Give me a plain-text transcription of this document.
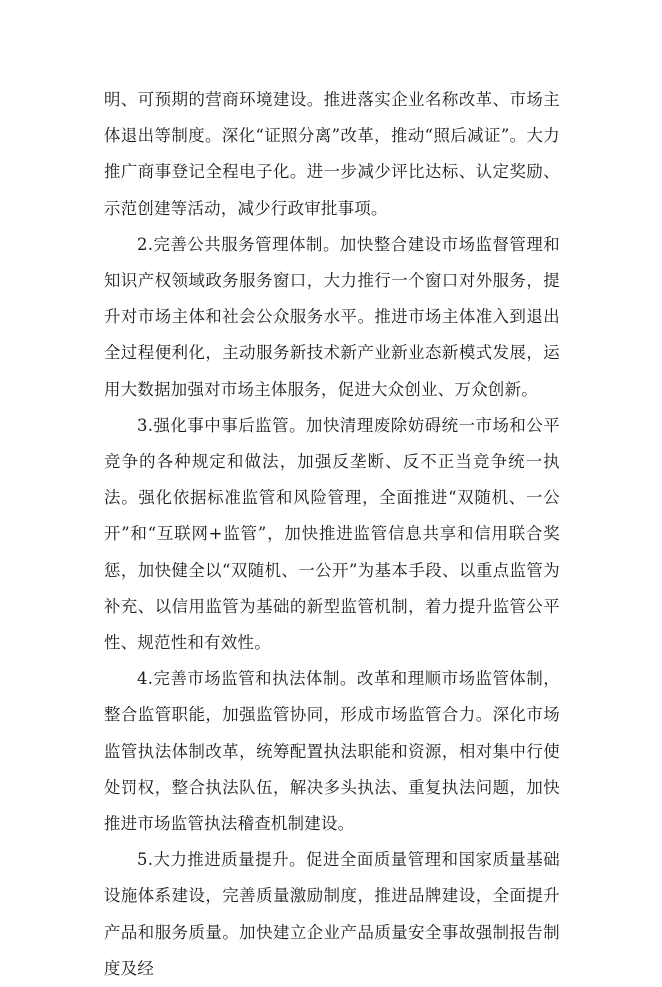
明、可预期的营商环境建设。推进落实企业名称改革、市场主体退出等制度。深化“证照分离”改革，推动“照后减证”。大力推广商事登记全程电子化。进一步减少评比达标、认定奖励、示范创建等活动，减少行政审批事项。

2.完善公共服务管理体制。加快整合建设市场监督管理和知识产权领域政务服务窗口，大力推行一个窗口对外服务，提升对市场主体和社会公众服务水平。推进市场主体准入到退出全过程便利化，主动服务新技术新产业新业态新模式发展，运用大数据加强对市场主体服务，促进大众创业、万众创新。

3.强化事中事后监管。加快清理废除妨碍统一市场和公平竞争的各种规定和做法，加强反垄断、反不正当竞争统一执法。强化依据标准监管和风险管理，全面推进“双随机、一公开”和“互联网+监管”，加快推进监管信息共享和信用联合奖惩，加快健全以“双随机、一公开”为基本手段、以重点监管为补充、以信用监管为基础的新型监管机制，着力提升监管公平性、规范性和有效性。

4.完善市场监管和执法体制。改革和理顺市场监管体制，整合监管职能，加强监管协同，形成市场监管合力。深化市场监管执法体制改革，统筹配置执法职能和资源，相对集中行使处罚权，整合执法队伍，解决多头执法、重复执法问题，加快推进市场监管执法稽查机制建设。

5.大力推进质量提升。促进全面质量管理和国家质量基础设施体系建设，完善质量激励制度，推进品牌建设，全面提升产品和服务质量。加快建立企业产品质量安全事故强制报告制度及经
